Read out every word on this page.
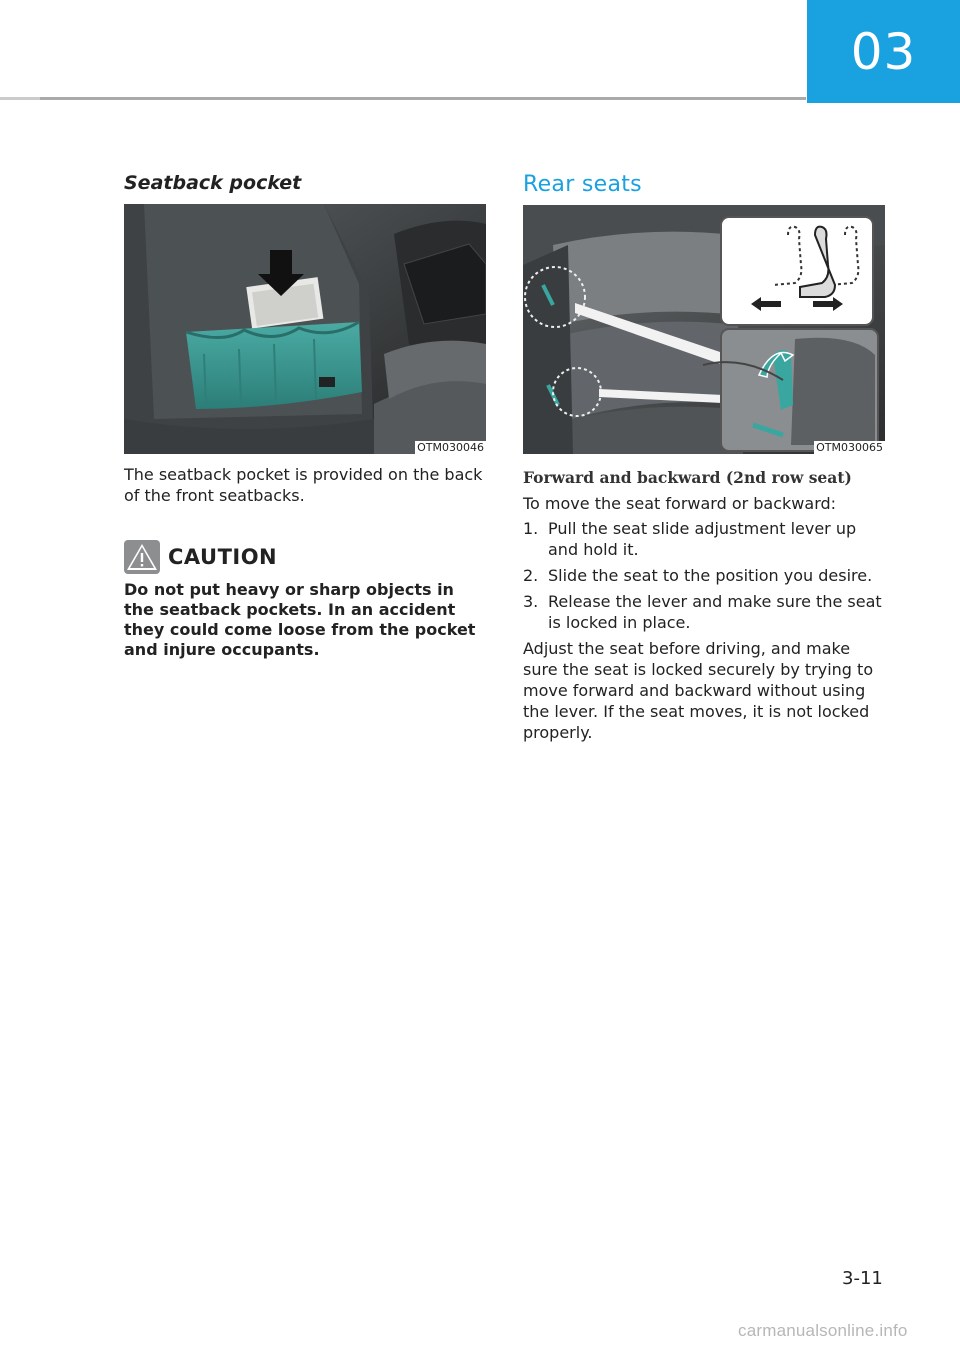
03
Seatback pocket
OTM030046

The seatback pocket is provided on the back of the front seatbacks.

CAUTION
Do not put heavy or sharp objects in the seatback pockets. In an accident they could come loose from the pocket and injure occupants.
Rear seats
OTM030065
Forward and backward (2nd row seat)

To move the seat forward or backward:

1. Pull the seat slide adjustment lever up and hold it.
2. Slide the seat to the position you desire.
3. Release the lever and make sure the seat is locked in place.

Adjust the seat before driving, and make sure the seat is locked securely by trying to move forward and backward without using the lever. If the seat moves, it is not locked properly.

3-11
carmanualsonline.info
